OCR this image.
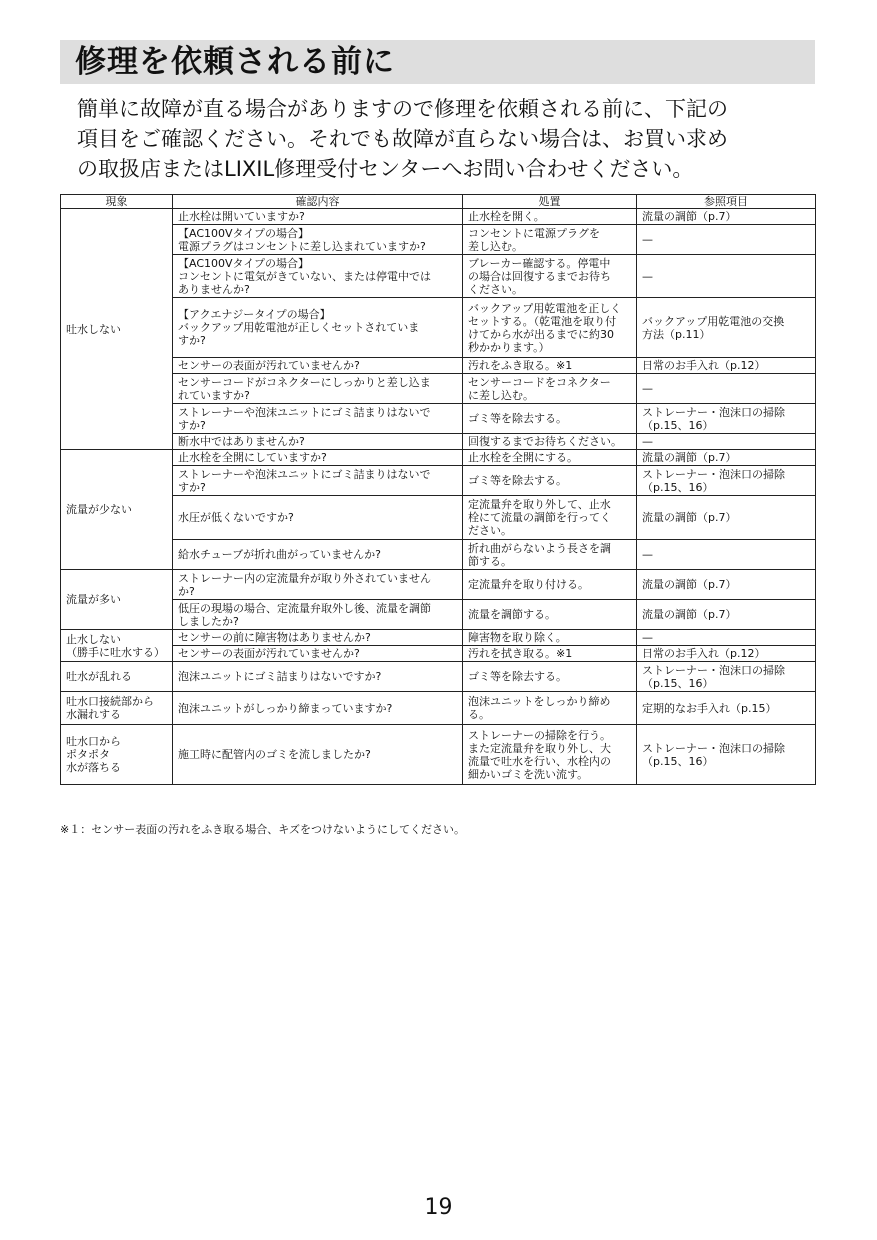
修理を依頼される前に

簡単に故障が直る場合がありますので修理を依頼される前に、下記の
項目をご確認ください。それでも故障が直らない場合は、お買い求め
の取扱店またはLIXIL修理受付センターへお問い合わせください。

現象	確認内容	処置	参照項目
吐水しない	止水栓は開いていますか?	止水栓を開く。	流量の調節（p.7）
	【AC100Vタイプの場合】
電源プラグはコンセントに差し込まれていますか?	コンセントに電源プラグを
差し込む。	—
	【AC100Vタイプの場合】
コンセントに電気がきていない、または停電中では
ありませんか?	ブレーカー確認する。停電中
の場合は回復するまでお待ち
ください。	—
	【アクエナジータイプの場合】
バックアップ用乾電池が正しくセットされていま
すか?	バックアップ用乾電池を正しく
セットする。（乾電池を取り付
けてから水が出るまでに約30
秒かかります。）	バックアップ用乾電池の交換
方法（p.11）
	センサーの表面が汚れていませんか?	汚れをふき取る。※1	日常のお手入れ（p.12）
	センサーコードがコネクターにしっかりと差し込ま
れていますか?	センサーコードをコネクター
に差し込む。	—
	ストレーナーや泡沫ユニットにゴミ詰まりはないで
すか?	ゴミ等を除去する。	ストレーナー・泡沫口の掃除
（p.15、16）
	断水中ではありませんか?	回復するまでお待ちください。	—
流量が少ない	止水栓を全開にしていますか?	止水栓を全開にする。	流量の調節（p.7）
	ストレーナーや泡沫ユニットにゴミ詰まりはないで
すか?	ゴミ等を除去する。	ストレーナー・泡沫口の掃除
（p.15、16）
	水圧が低くないですか?	定流量弁を取り外して、止水
栓にて流量の調節を行ってく
ださい。	流量の調節（p.7）
	給水チューブが折れ曲がっていませんか?	折れ曲がらないよう長さを調
節する。	—
流量が多い	ストレーナー内の定流量弁が取り外されていません
か?	定流量弁を取り付ける。	流量の調節（p.7）
	低圧の現場の場合、定流量弁取外し後、流量を調節
しましたか?	流量を調節する。	流量の調節（p.7）
止水しない
（勝手に吐水する）	センサーの前に障害物はありませんか?	障害物を取り除く。	—
	センサーの表面が汚れていませんか?	汚れを拭き取る。※1	日常のお手入れ（p.12）
吐水が乱れる	泡沫ユニットにゴミ詰まりはないですか?	ゴミ等を除去する。	ストレーナー・泡沫口の掃除
（p.15、16）
吐水口接続部から
水漏れする	泡沫ユニットがしっかり締まっていますか?	泡沫ユニットをしっかり締める。	定期的なお手入れ（p.15）
吐水口から
ポタポタ
水が落ちる	施工時に配管内のゴミを流しましたか?	ストレーナーの掃除を行う。
また定流量弁を取り外し、大
流量で吐水を行い、水栓内の
細かいゴミを洗い流す。	ストレーナー・泡沫口の掃除
（p.15、16）
※１：センサー表面の汚れをふき取る場合、キズをつけないようにしてください。
19
